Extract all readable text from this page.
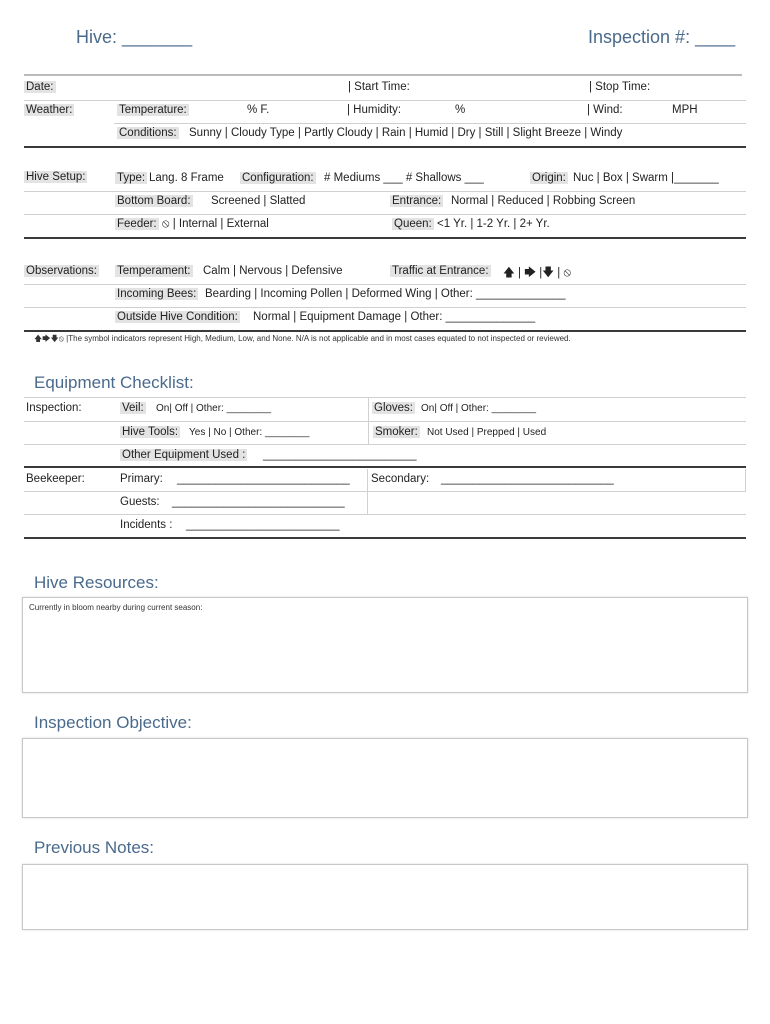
Hive: _______	Inspection #: ____
Date:	| Start Time:	| Stop Time:
Weather:	Temperature:	% F.	| Humidity:	%	| Wind:	MPH
Conditions: Sunny | Cloudy Type | Partly Cloudy | Rain | Humid | Dry | Still | Slight Breeze | Windy
Hive Setup:	Type: Lang. 8 Frame Configuration: # Mediums ___ # Shallows ___	Origin: Nuc | Box | Swarm |_______
Bottom Board: Screened | Slatted	Entrance: Normal | Reduced | Robbing Screen
Feeder: ⦸ | Internal | External	Queen: <1 Yr. | 1-2 Yr. | 2+ Yr.
Observations: Temperament: Calm | Nervous | Defensive	Traffic at Entrance: 🡅 | 🡆 |🡇 | ⦸
Incoming Bees: Bearding | Incoming Pollen | Deformed Wing | Other: ______________
Outside Hive Condition: Normal | Equipment Damage | Other: ______________
🡅🡆🡇⦸ |The symbol indicators represent High, Medium, Low, and None. N/A is not applicable and in most cases equated to not inspected or reviewed.
Equipment Checklist:
Inspection:	Veil: On| Off | Other: ________	Gloves: On| Off | Other: ________
Hive Tools: Yes | No | Other: ________	Smoker: Not Used | Prepped | Used
Other Equipment Used : ________________________
Beekeeper:	Primary: ___________________________ Secondary: ___________________________
Guests: ___________________________
Incidents : ________________________
Hive Resources:
Currently in bloom nearby during current season:
Inspection Objective:
Previous Notes:
